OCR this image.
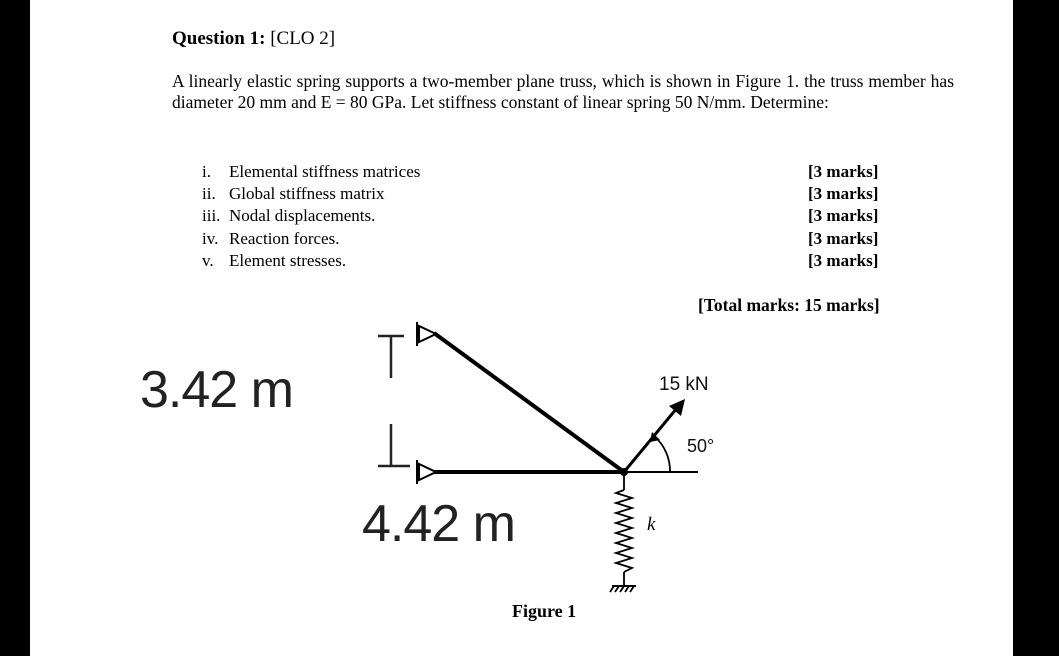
Question 1: [CLO 2]
A linearly elastic spring supports a two-member plane truss, which is shown in Figure 1. the truss member has diameter 20 mm and E = 80 GPa. Let stiffness constant of linear spring 50 N/mm. Determine:
i. Elemental stiffness matrices
ii. Global stiffness matrix
iii. Nodal displacements.
iv. Reaction forces.
v. Element stresses.
[3 marks]
[3 marks]
[3 marks]
[3 marks]
[3 marks]
[Total marks: 15 marks]
3.42 m
4.42 m
15 kN
50°
k
Figure 1
